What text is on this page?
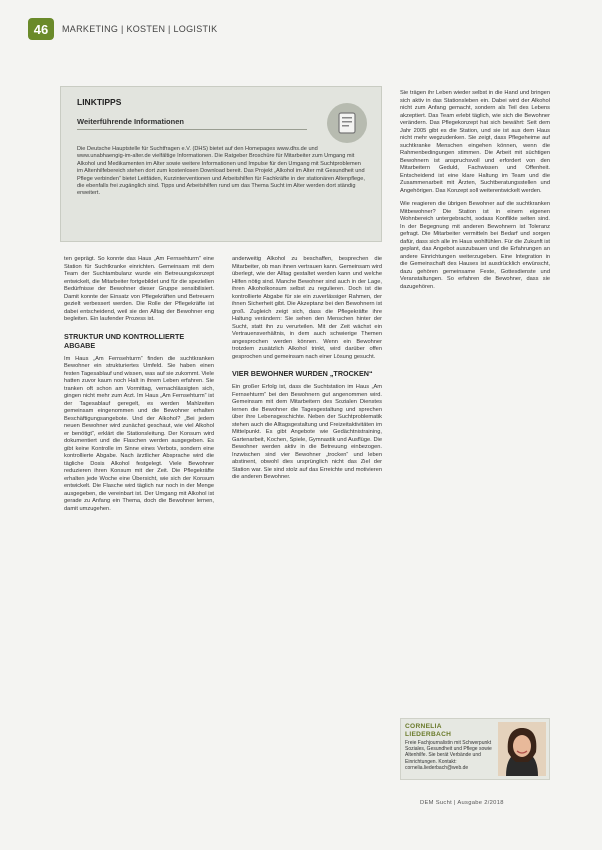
46	MARKETING | KOSTEN | LOGISTIK
LINKTIPPS
Weiterführende Informationen
Die Deutsche Hauptstelle für Suchtfragen e.V. (DHS) bietet auf den Homepages www.dhs.de und www.unabhaengig-im-alter.de vielfältige Informationen. Die Ratgeber Broschüre für Mitarbeiter zum Umgang mit Alkohol und Medikamenten im Alter sowie weitere Informationen und Impulse für den Umgang mit Suchtproblemen im Altenhilfebereich stehen dort zum kostenlosen Download bereit. Das Projekt „Alkohol im Alter mit Gesundheit und Pflege verbinden“ bietet Leitfäden, Kurzinterventionen und Arbeitshilfen für Fachkräfte in der stationären Altenpflege, die ebenfalls frei zugänglich sind. Tipps und Arbeitshilfen rund um das Thema Sucht im Alter werden dort ständig erweitert.

ten geprägt. So konnte das Haus „Am Fernsehturm“ eine Station für Suchtkranke einrichten. Gemeinsam mit dem Team der Suchtambulanz wurde ein Betreuungskonzept entwickelt, die Mitarbeiter fortgebildet und für die speziellen Bedürfnisse der Bewohner dieser Gruppe sensibilisiert. Damit konnte der Einsatz von Pflegekräften und Betreuern gezielt verbessert werden. Die Rolle der Pflegekräfte ist dabei entscheidend, weil sie den Alltag der Bewohner eng begleiten. Ein laufender Prozess ist.

STRUKTUR UND KONTROLLIERTE ABGABE

Im Haus „Am Fernsehturm“ finden die suchtkranken Bewohner ein strukturiertes Umfeld. Sie haben einen festen Tagesablauf und wissen, was auf sie zukommt. Viele hatten zuvor kaum noch Halt in ihrem Leben erfahren. Sie tranken oft schon am Vormittag, vernachlässigten sich, gingen nicht mehr zum Arzt. Im Haus „Am Fernsehturm“ ist der Tagesablauf geregelt, es werden Mahlzeiten gemeinsam eingenommen und die Bewohner erhalten Beschäftigungsangebote. Und der Alkohol? „Bei jedem neuen Bewohner wird zunächst geschaut, wie viel Alkohol er benötigt“, erklärt die Stationsleitung. Der Konsum wird dokumentiert und die Flaschen werden ausgegeben. Es gibt keine Kontrolle im Sinne eines Verbots, sondern eine kontrollierte Abgabe. Nach ärztlicher Absprache wird die tägliche Dosis Alkohol festgelegt. Viele Bewohner reduzieren ihren Konsum mit der Zeit. Die Pflegekräfte erhalten jede Woche eine Übersicht, wie sich der Konsum entwickelt. Die Flasche wird täglich nur noch in der Menge ausgegeben, die vereinbart ist. Der Umgang mit Alkohol ist gerade zu Anfang ein Thema, doch die Bewohner lernen, damit umzugehen.

anderweitig Alkohol zu beschaffen, besprechen die Mitarbeiter, ob man ihnen vertrauen kann. Gemeinsam wird überlegt, wie der Alltag gestaltet werden kann und welche Hilfen nötig sind. Manche Bewohner sind auch in der Lage, ihren Alkoholkonsum selbst zu regulieren. Doch ist die kontrollierte Abgabe für sie ein zuverlässiger Rahmen, der ihnen Sicherheit gibt. Die Akzeptanz bei den Bewohnern ist groß. Zugleich zeigt sich, dass die Pflegekräfte ihre Haltung verändern: Sie sehen den Menschen hinter der Sucht, statt ihn zu verurteilen. Mit der Zeit wächst ein Vertrauensverhältnis, in dem auch schwierige Themen angesprochen werden können. Wenn ein Bewohner trotzdem zusätzlich Alkohol trinkt, wird darüber offen gesprochen und gemeinsam nach einer Lösung gesucht.

VIER BEWOHNER WURDEN „TROCKEN“

Ein großer Erfolg ist, dass die Suchtstation im Haus „Am Fernsehturm“ bei den Bewohnern gut angenommen wird. Gemeinsam mit dem Mitarbeitern des Sozialen Dienstes lernen die Bewohner die Tagesgestaltung und sprechen über ihre Lebensgeschichte. Neben der Suchtproblematik stehen auch die Alltagsgestaltung und Freizeitaktivitäten im Mittelpunkt. Es gibt Angebote wie Gedächtnistraining, Gartenarbeit, Kochen, Spiele, Gymnastik und Ausflüge. Die Bewohner werden aktiv in die Betreuung einbezogen. Inzwischen sind vier Bewohner „trocken“ und leben abstinent, obwohl dies ursprünglich nicht das Ziel der Station war. Sie sind stolz auf das Erreichte und motivieren die anderen Bewohner.

Sie trägen ihr Leben wieder selbst in die Hand und bringen sich aktiv in das Stationsleben ein. Dabei wird der Alkohol nicht zum Anfang gemacht, sondern als Teil des Lebens akzeptiert. Das Team erlebt täglich, wie sich die Bewohner verändern. Das Pflegekonzept hat sich bewährt: Seit dem Jahr 2005 gibt es die Station, und sie ist aus dem Haus nicht mehr wegzudenken. Sie zeigt, dass Pflegeheime auf suchtkranke Menschen eingehen können, wenn die Rahmenbedingungen stimmen. Die Arbeit mit süchtigen Bewohnern ist anspruchsvoll und erfordert von den Mitarbeitern Geduld, Fachwissen und Offenheit. Entscheidend ist eine klare Haltung im Team und die Zusammenarbeit mit Ärzten, Suchtberatungsstellen und Angehörigen. Das Konzept soll weiterentwickelt werden.

Wie reagieren die übrigen Bewohner auf die suchtkranken Mitbewohner? Die Station ist in einem eigenen Wohnbereich untergebracht, sodass Konflikte selten sind. In der Begegnung mit anderen Bewohnern ist Toleranz gefragt. Die Mitarbeiter vermitteln bei Bedarf und sorgen dafür, dass sich alle im Haus wohlfühlen. Für die Zukunft ist geplant, das Angebot auszubauen und die Erfahrungen an andere Einrichtungen weiterzugeben. Eine Integration in die Gemeinschaft des Hauses ist ausdrücklich erwünscht, dazu gehören gemeinsame Feste, Gottesdienste und Veranstaltungen. So erfahren die Bewohner, dass sie dazugehören.

CORNELIA
LIEDERBACH
Freie Fachjournalistin mit Schwerpunkt Soziales, Gesundheit und Pflege sowie Altenhilfe. Sie berät Verbände und Einrichtungen. Kontakt: cornelia.liederbach@web.de
DEM Sucht | Ausgabe 2/2018
